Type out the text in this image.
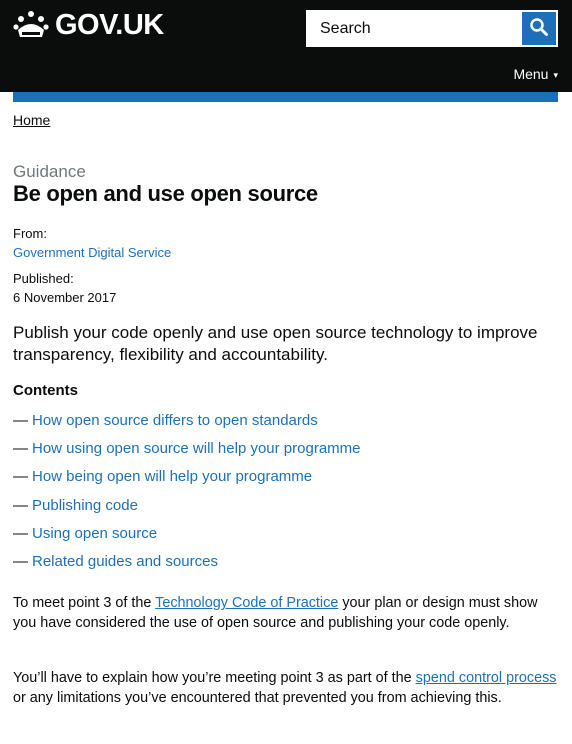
GOV.UK
Search
Menu ▾
Home
Guidance
Be open and use open source
From:
Government Digital Service
Published:
6 November 2017

Publish your code openly and use open source technology to improve transparency, flexibility and accountability.

Contents
— How open source differs to open standards
— How using open source will help your programme
— How being open will help your programme
— Publishing code
— Using open source
— Related guides and sources

To meet point 3 of the Technology Code of Practice your plan or design must show you have considered the use of open source and publishing your code openly.

You’ll have to explain how you’re meeting point 3 as part of the spend control process or any limitations you’ve encountered that prevented you from achieving this.
